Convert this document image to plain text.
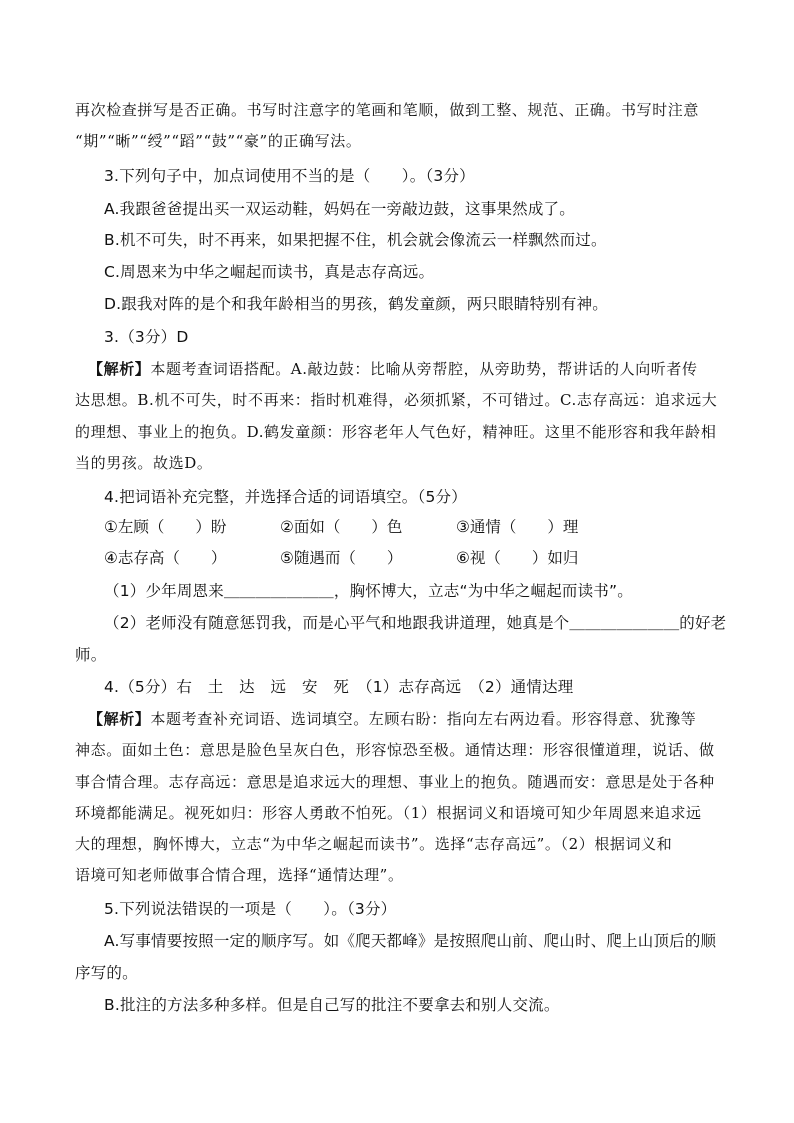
再次检查拼写是否正确。书写时注意字的笔画和笔顺，做到工整、规范、正确。书写时注意
“期”“晰”“绶”“蹈”“鼓”“豪”的正确写法。
3.下列句子中，加点词使用不当的是（　　）。（3分）
A.我跟爸爸提出买一双运动鞋，妈妈在一旁敲边鼓，这事果然成了。
B.机不可失，时不再来，如果把握不住，机会就会像流云一样飘然而过。
C.周恩来为中华之崛起而读书，真是志存高远。
D.跟我对阵的是个和我年龄相当的男孩，鹤发童颜，两只眼睛特别有神。
3.（3分）D
【解析】本题考查词语搭配。A.敲边鼓：比喻从旁帮腔，从旁助势，帮讲话的人向听者传
达思想。B.机不可失，时不再来：指时机难得，必须抓紧，不可错过。C.志存高远：追求远大
的理想、事业上的抱负。D.鹤发童颜：形容老年人气色好，精神旺。这里不能形容和我年龄相
当的男孩。故选D。
4.把词语补充完整，并选择合适的词语填空。（5分）
①左顾（　　）盼	②面如（　　）色	③通情（　　）理
④志存高（　　）	⑤随遇而（　　）	⑥视（　　）如归
（1）少年周恩来＿＿＿＿＿＿＿，胸怀博大，立志“为中华之崛起而读书”。
（2）老师没有随意惩罚我，而是心平气和地跟我讲道理，她真是个＿＿＿＿＿＿＿的好老
师。
4.（5分）右　土　达　远　安　死　（1）志存高远　（2）通情达理
【解析】本题考查补充词语、选词填空。左顾右盼：指向左右两边看。形容得意、犹豫等
神态。面如土色：意思是脸色呈灰白色，形容惊恐至极。通情达理：形容很懂道理，说话、做
事合情合理。志存高远：意思是追求远大的理想、事业上的抱负。随遇而安：意思是处于各种
环境都能满足。视死如归：形容人勇敢不怕死。（1）根据词义和语境可知少年周恩来追求远
大的理想，胸怀博大，立志“为中华之崛起而读书”。选择“志存高远”。（2）根据词义和
语境可知老师做事合情合理，选择“通情达理”。
5.下列说法错误的一项是（　　）。（3分）
A.写事情要按照一定的顺序写。如《爬天都峰》是按照爬山前、爬山时、爬上山顶后的顺
序写的。
B.批注的方法多种多样。但是自己写的批注不要拿去和别人交流。
